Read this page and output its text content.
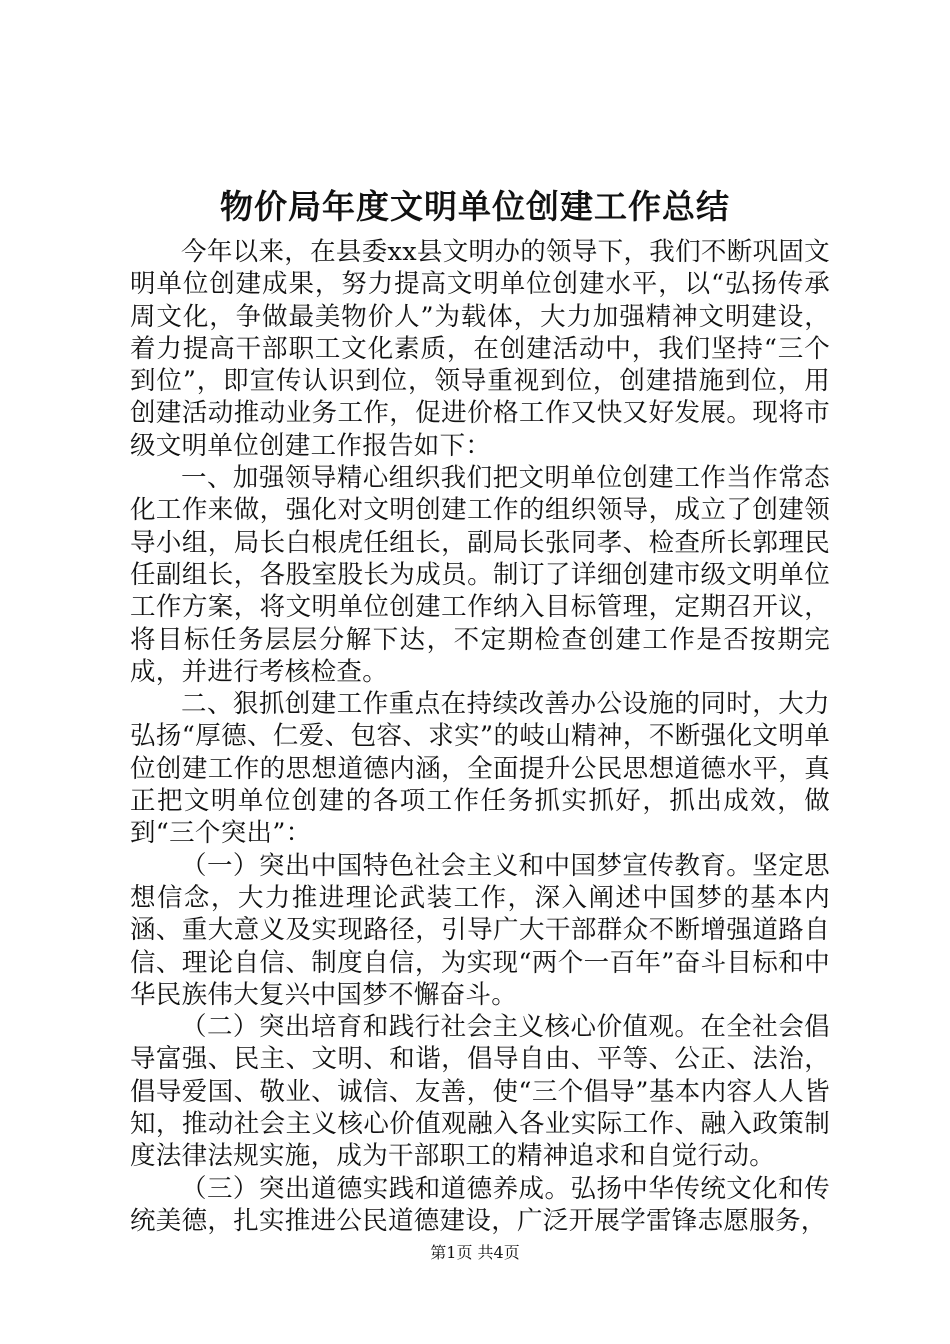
物价局年度文明单位创建工作总结

今年以来，在县委xx县文明办的领导下，我们不断巩固文明单位创建成果，努力提高文明单位创建水平，以“弘扬传承周文化，争做最美物价人”为载体，大力加强精神文明建设，着力提高干部职工文化素质，在创建活动中，我们坚持“三个到位”，即宣传认识到位，领导重视到位，创建措施到位，用创建活动推动业务工作，促进价格工作又快又好发展。现将市级文明单位创建工作报告如下：

一、加强领导精心组织我们把文明单位创建工作当作常态化工作来做，强化对文明创建工作的组织领导，成立了创建领导小组，局长白根虎任组长，副局长张同孝、检查所长郭理民任副组长，各股室股长为成员。制订了详细创建市级文明单位工作方案，将文明单位创建工作纳入目标管理，定期召开议，将目标任务层层分解下达，不定期检查创建工作是否按期完成，并进行考核检查。

二、狠抓创建工作重点在持续改善办公设施的同时，大力弘扬“厚德、仁爱、包容、求实”的岐山精神，不断强化文明单位创建工作的思想道德内涵，全面提升公民思想道德水平，真正把文明单位创建的各项工作任务抓实抓好，抓出成效，做到“三个突出”：

（一）突出中国特色社会主义和中国梦宣传教育。坚定思想信念，大力推进理论武装工作，深入阐述中国梦的基本内涵、重大意义及实现路径，引导广大干部群众不断增强道路自信、理论自信、制度自信，为实现“两个一百年”奋斗目标和中华民族伟大复兴中国梦不懈奋斗。

（二）突出培育和践行社会主义核心价值观。在全社会倡导富强、民主、文明、和谐，倡导自由、平等、公正、法治，倡导爱国、敬业、诚信、友善，使“三个倡导”基本内容人人皆知，推动社会主义核心价值观融入各业实际工作、融入政策制度法律法规实施，成为干部职工的精神追求和自觉行动。

（三）突出道德实践和道德养成。弘扬中华传统文化和传统美德，扎实推进公民道德建设，广泛开展学雷锋志愿服务，

第1页 共4页
